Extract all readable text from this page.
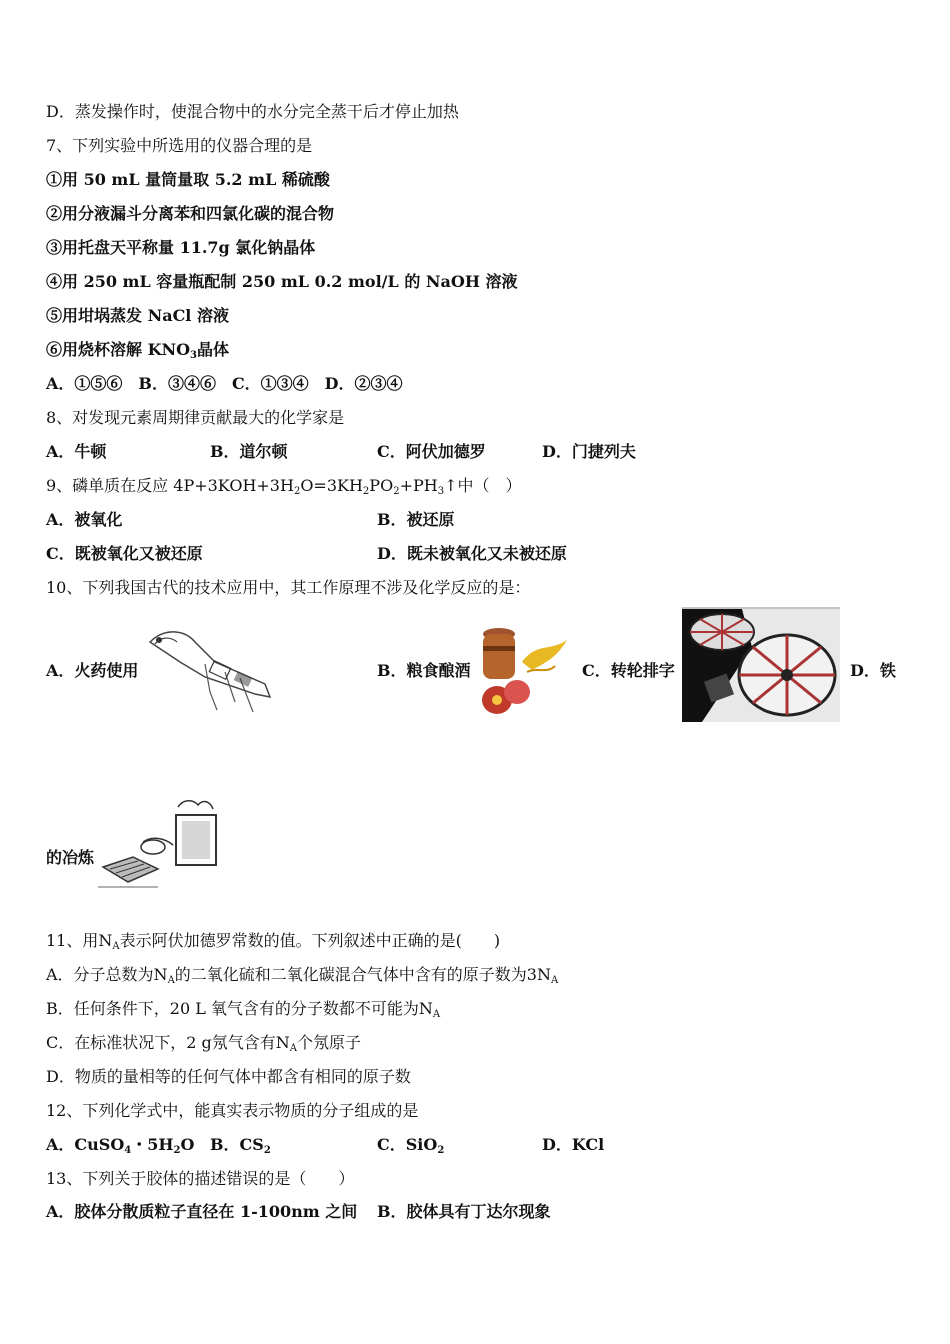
D．蒸发操作时，使混合物中的水分完全蒸干后才停止加热
7、下列实验中所选用的仪器合理的是
①用 50 mL 量筒量取 5.2 mL 稀硫酸
②用分液漏斗分离苯和四氯化碳的混合物
③用托盘天平称量 11.7g 氯化钠晶体
④用 250 mL 容量瓶配制 250 mL 0.2 mol/L 的 NaOH 溶液
⑤用坩埚蒸发 NaCl 溶液
⑥用烧杯溶解 $KNO_3$晶体
A．①⑤⑥　B．③④⑥　C．①③④　D．②③④
8、对发现元素周期律贡献最大的化学家是
A．牛顿	B．道尔顿	C．阿伏加德罗	D．门捷列夫
9、磷单质在反应 $4P+3KOH+3H_2O=3KH_2PO_2+PH_3↑$中（　）
A．被氧化	B．被还原
C．既被氧化又被还原	D．既未被氧化又未被还原
10、下列我国古代的技术应用中，其工作原理不涉及化学反应的是：
A．火药使用	B．粮食酿酒	C．转轮排字	D．铁
的冶炼
11、用$N_A$表示阿伏加德罗常数的值。下列叙述中正确的是(　　)
A．分子总数为$N_A$的二氧化硫和二氧化碳混合气体中含有的原子数为$3N_A$
B．任何条件下，20 L 氧气含有的分子数都不可能为$N_A$
C．在标准状况下，2 g氖气含有$N_A$个氖原子
D．物质的量相等的任何气体中都含有相同的原子数
12、下列化学式中，能真实表示物质的分子组成的是
A．CuSO$_4$・$5H_2O$ B．$CS_2$	C．SiO$_2$	D．KCl
13、下列关于胶体的描述错误的是（　　）
A．胶体分散质粒子直径在 1-100nm 之间 B．胶体具有丁达尔现象
